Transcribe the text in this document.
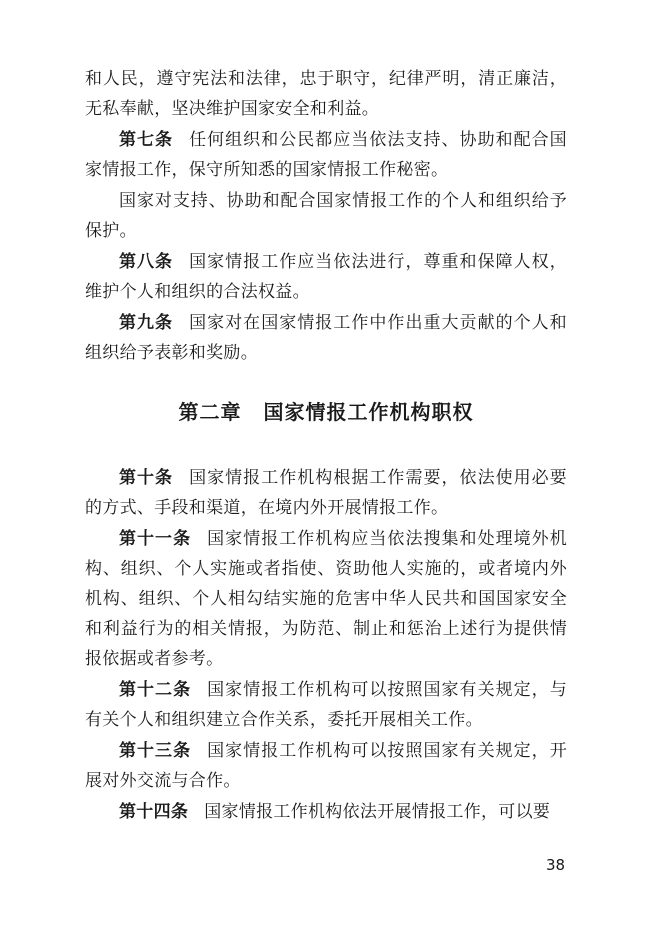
和人民，遵守宪法和法律，忠于职守，纪律严明，清正廉洁，无私奉献，坚决维护国家安全和利益。

第七条 任何组织和公民都应当依法支持、协助和配合国家情报工作，保守所知悉的国家情报工作秘密。

国家对支持、协助和配合国家情报工作的个人和组织给予保护。

第八条 国家情报工作应当依法进行，尊重和保障人权，维护个人和组织的合法权益。

第九条 国家对在国家情报工作中作出重大贡献的个人和组织给予表彰和奖励。

第二章 国家情报工作机构职权

第十条 国家情报工作机构根据工作需要，依法使用必要的方式、手段和渠道，在境内外开展情报工作。

第十一条 国家情报工作机构应当依法搜集和处理境外机构、组织、个人实施或者指使、资助他人实施的，或者境内外机构、组织、个人相勾结实施的危害中华人民共和国国家安全和利益行为的相关情报，为防范、制止和惩治上述行为提供情报依据或者参考。

第十二条 国家情报工作机构可以按照国家有关规定，与有关个人和组织建立合作关系，委托开展相关工作。

第十三条 国家情报工作机构可以按照国家有关规定，开展对外交流与合作。

第十四条 国家情报工作机构依法开展情报工作，可以要

38
